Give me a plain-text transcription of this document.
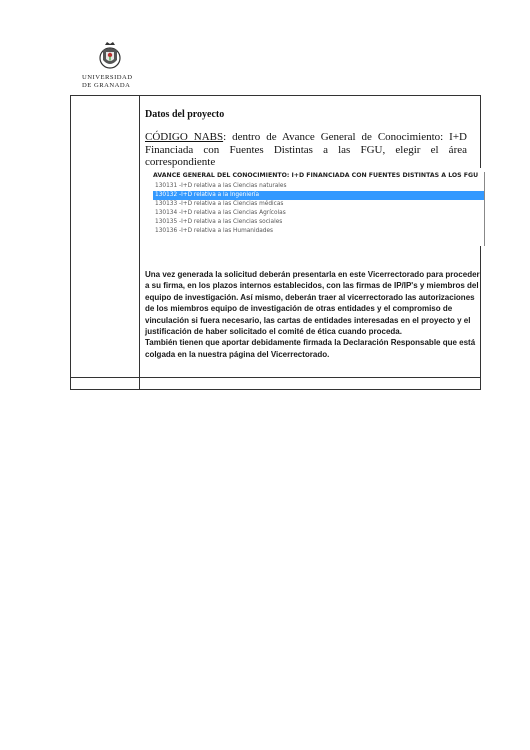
UNIVERSIDAD
DE GRANADA
Datos del proyecto
CÓDIGO NABS: dentro de Avance General de Conocimiento: I+D Financiada con Fuentes Distintas a las FGU, elegir el área correspondiente
AVANCE GENERAL DEL CONOCIMIENTO: I+D FINANCIADA CON FUENTES DISTINTAS A LOS FGU
130131 -I+D relativa a las Ciencias naturales
130132 -I+D relativa a la Ingeniería
130133 -I+D relativa a las Ciencias médicas
130134 -I+D relativa a las Ciencias Agrícolas
130135 -I+D relativa a las Ciencias sociales
130136 -I+D relativa a las Humanidades

Una vez generada la solicitud deberán presentarla en este Vicerrectorado para proceder a su firma, en los plazos internos establecidos, con las firmas de IP/IP's y miembros del equipo de investigación. Así mismo, deberán traer al vicerrectorado las autorizaciones de los miembros equipo de investigación de otras entidades y el compromiso de vinculación si fuera necesario, las cartas de entidades interesadas en el proyecto y el justificación de haber solicitado el comité de ética cuando proceda.

También tienen que aportar debidamente firmada la Declaración Responsable que está colgada en la nuestra página del Vicerrectorado.
